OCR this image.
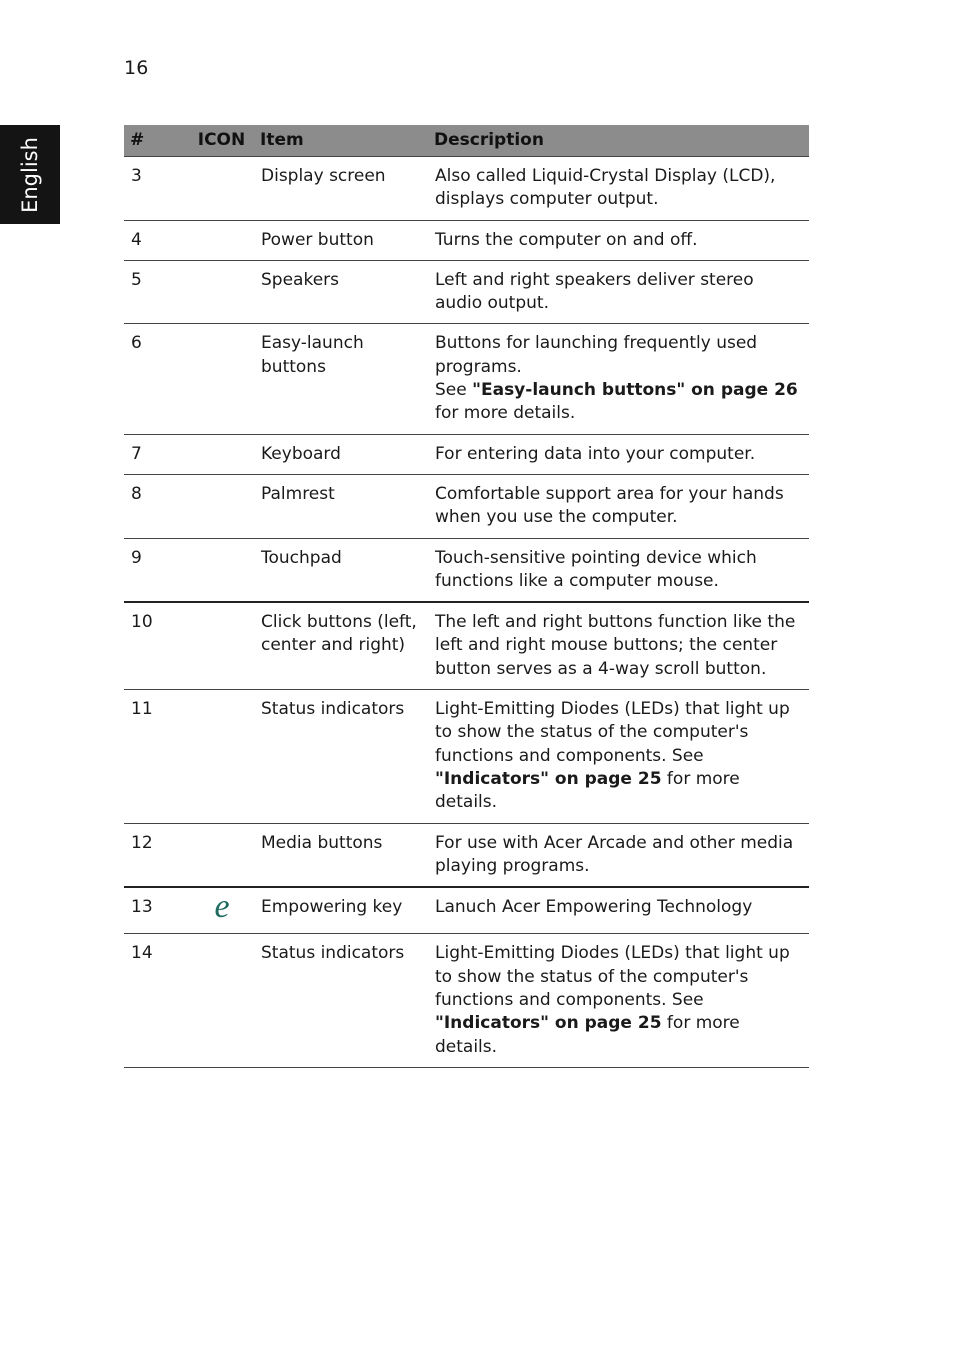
16
English	#	ICON	Item	Description
3		Display screen	Also called Liquid-Crystal Display (LCD), displays computer output.
4		Power button	Turns the computer on and off.
5		Speakers	Left and right speakers deliver stereo audio output.
6		Easy-launch buttons	Buttons for launching frequently used programs.
See "Easy-launch buttons" on page 26 for more details.
7		Keyboard	For entering data into your computer.
8		Palmrest	Comfortable support area for your hands when you use the computer.
9		Touchpad	Touch-sensitive pointing device which functions like a computer mouse.
10		Click buttons (left, center and right)	The left and right buttons function like the left and right mouse buttons; the center button serves as a 4-way scroll button.
11		Status indicators	Light-Emitting Diodes (LEDs) that light up to show the status of the computer's functions and components. See "Indicators" on page 25 for more details.
12		Media buttons	For use with Acer Arcade and other media playing programs.
13	e	Empowering key	Lanuch Acer Empowering Technology
14		Status indicators	Light-Emitting Diodes (LEDs) that light up to show the status of the computer's functions and components. See "Indicators" on page 25 for more details.
